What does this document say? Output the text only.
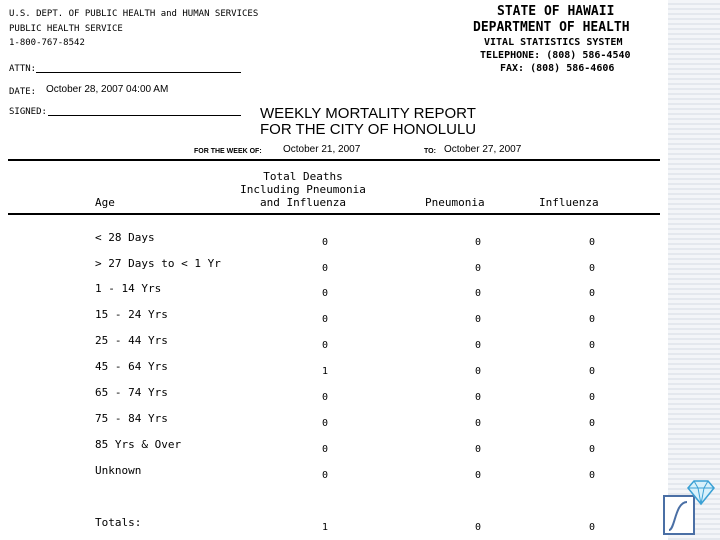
U.S. DEPT. OF PUBLIC HEALTH and HUMAN SERVICES
PUBLIC HEALTH SERVICE
1-800-767-8542
ATTN:
DATE: October 28, 2007 04:00 AM
SIGNED:
STATE OF HAWAII
DEPARTMENT OF HEALTH
VITAL STATISTICS SYSTEM
TELEPHONE: (808) 586-4540
FAX: (808) 586-4606
WEEKLY MORTALITY REPORT
FOR THE CITY OF HONOLULU
FOR THE WEEK OF: October 21, 2007	TO: October 27, 2007
Age
Total Deaths
Including Pneumonia
and Influenza	Pneumonia	Influenza
< 28 Days	0	0	0
> 27 Days to < 1 Yr	0	0	0
1 - 14 Yrs	0	0	0
15 - 24 Yrs	0	0	0
25 - 44 Yrs	0	0	0
45 - 64 Yrs	1	0	0
65 - 74 Yrs	0	0	0
75 - 84 Yrs	0	0	0
85 Yrs & Over	0	0	0
Unknown	0	0	0
Totals:	1	0	0
